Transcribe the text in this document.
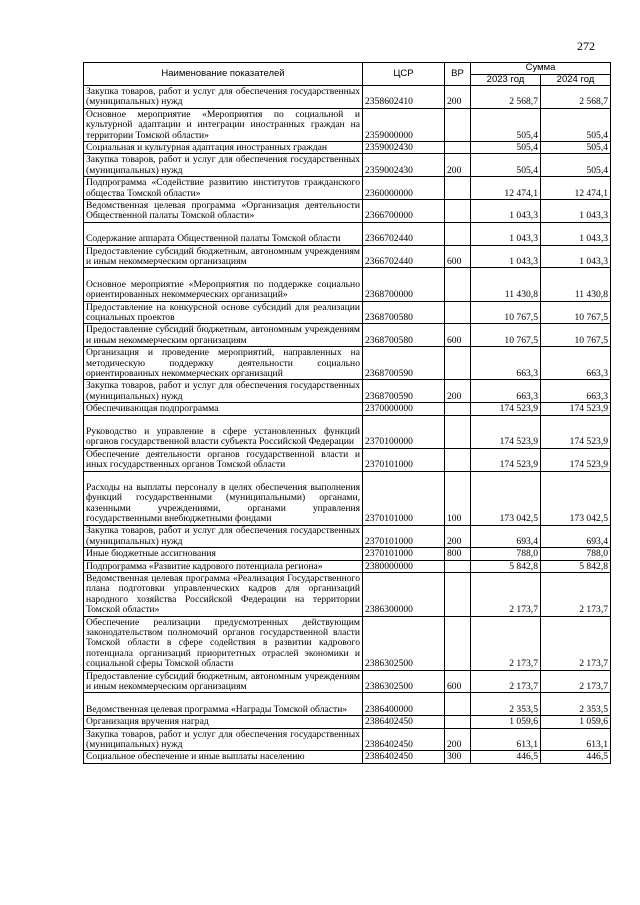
272
Наименование показателей	ЦСР	ВР	Сумма	
			2023 год	2024 год
Закупка товаров, работ и услуг для обеспечения государственных (муниципальных) нужд	2358602410	200	2 568,7	2 568,7
Основное мероприятие «Мероприятия по социальной и культурной адаптации и интеграции иностранных граждан на территории Томской области»	2359000000		505,4	505,4
Социальная и культурная адаптация иностранных граждан	2359002430		505,4	505,4
Закупка товаров, работ и услуг для обеспечения государственных (муниципальных) нужд	2359002430	200	505,4	505,4
Подпрограмма «Содействие развитию институтов гражданского общества Томской области»	2360000000		12 474,1	12 474,1
Ведомственная целевая программа «Организация деятельности Общественной палаты Томской области»	2366700000		1 043,3	1 043,3
Содержание аппарата Общественной палаты Томской области	2366702440		1 043,3	1 043,3
Предоставление субсидий бюджетным, автономным учреждениям и иным некоммерческим организациям	2366702440	600	1 043,3	1 043,3
Основное мероприятие «Мероприятия по поддержке социально ориентированных некоммерческих организаций»	2368700000		11 430,8	11 430,8
Предоставление на конкурсной основе субсидий для реализации социальных проектов	2368700580		10 767,5	10 767,5
Предоставление субсидий бюджетным, автономным учреждениям и иным некоммерческим организациям	2368700580	600	10 767,5	10 767,5
Организация и проведение мероприятий, направленных на методическую поддержку деятельности социально ориентированных некоммерческих организаций	2368700590		663,3	663,3
Закупка товаров, работ и услуг для обеспечения государственных (муниципальных) нужд	2368700590	200	663,3	663,3
Обеспечивающая подпрограмма	2370000000		174 523,9	174 523,9
Руководство и управление в сфере установленных функций органов государственной власти субъекта Российской Федерации	2370100000		174 523,9	174 523,9
Обеспечение деятельности органов государственной власти и иных государственных органов Томской области	2370101000		174 523,9	174 523,9
Расходы на выплаты персоналу в целях обеспечения выполнения функций государственными (муниципальными) органами, казенными учреждениями, органами управления государственными внебюджетными фондами	2370101000	100	173 042,5	173 042,5
Закупка товаров, работ и услуг для обеспечения государственных (муниципальных) нужд	2370101000	200	693,4	693,4
Иные бюджетные ассигнования	2370101000	800	788,0	788,0
Подпрограмма «Развитие кадрового потенциала региона»	2380000000		5 842,8	5 842,8
Ведомственная целевая программа «Реализация Государственного плана подготовки управленческих кадров для организаций народного хозяйства Российской Федерации на территории Томской области»	2386300000		2 173,7	2 173,7
Обеспечение реализации предусмотренных действующим законодательством полномочий органов государственной власти Томской области в сфере содействия в развитии кадрового потенциала организаций приоритетных отраслей экономики и социальной сферы Томской области	2386302500		2 173,7	2 173,7
Предоставление субсидий бюджетным, автономным учреждениям и иным некоммерческим организациям	2386302500	600	2 173,7	2 173,7
Ведомственная целевая программа «Награды Томской области»	2386400000		2 353,5	2 353,5
Организация вручения наград	2386402450		1 059,6	1 059,6
Закупка товаров, работ и услуг для обеспечения государственных (муниципальных) нужд	2386402450	200	613,1	613,1
Социальное обеспечение и иные выплаты населению	2386402450	300	446,5	446,5
